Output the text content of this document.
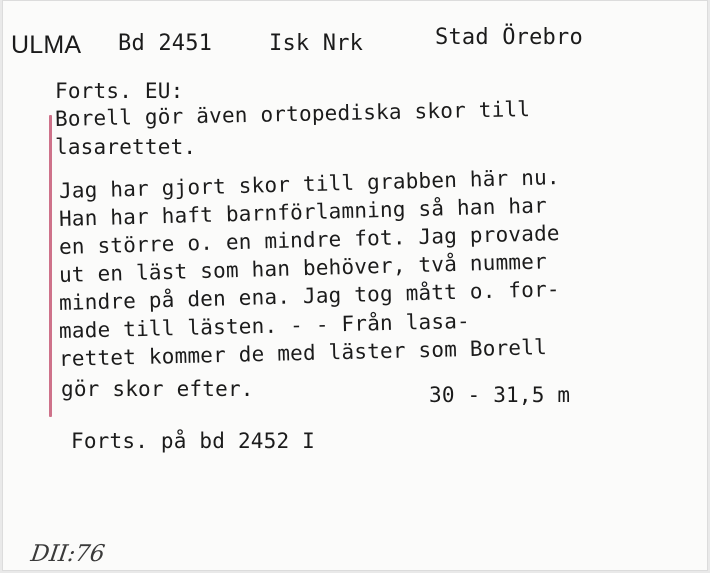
ULMA Bd 2451	Isk Nrk	Stad Örebro
Forts. EU:
Borell gör även ortopediska skor till
lasarettet.
Jag har gjort skor till grabben här nu.
Han har haft barnförlamning så han har
en större o. en mindre fot. Jag provade
ut en läst som han behöver, två nummer
mindre på den ena. Jag tog mått o. for-
made till lästen. - - Från lasa-
rettet kommer de med läster som Borell
gör skor efter.	30 - 31,5 m
Forts. på bd 2452 I
DII:76
